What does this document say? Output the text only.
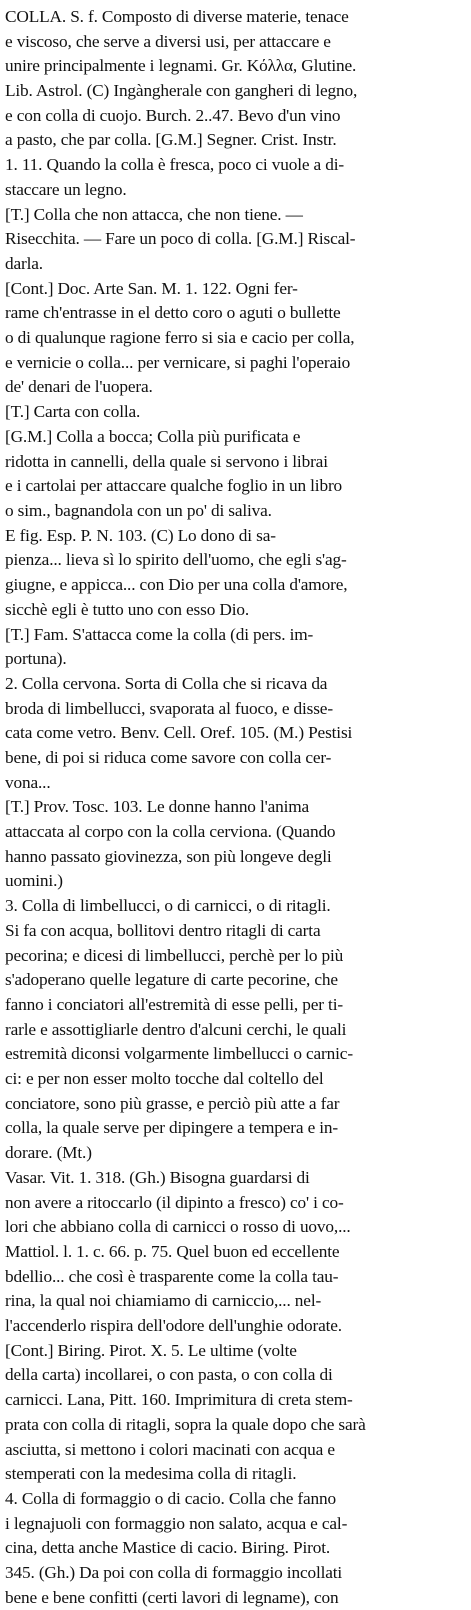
COLLA. S. f. Composto di diverse materie, tenace
e viscoso, che serve a diversi usi, per attaccare e
unire principalmente i legnami. Gr. Κόλλα, Glutine.
Lib. Astrol. (C) Ingàngherale con gangheri di legno,
e con colla di cuojo. Burch. 2..47. Bevo d'un vino
a pasto, che par colla. [G.M.] Segner. Crist. Instr.
1. 11. Quando la colla è fresca, poco ci vuole a di-
staccare un legno.
[T.] Colla che non attacca, che non tiene. —
Risecchita. — Fare un poco di colla. [G.M.] Riscal-
darla.
[Cont.] Doc. Arte San. M. 1. 122. Ogni fer-
rame ch'entrasse in el detto coro o aguti o bullette
o di qualunque ragione ferro si sia e cacio per colla,
e vernicie o colla... per vernicare, si paghi l'operaio
de' denari de l'uopera.
[T.] Carta con colla.
[G.M.] Colla a bocca; Colla più purificata e
ridotta in cannelli, della quale si servono i librai
e i cartolai per attaccare qualche foglio in un libro
o sim., bagnandola con un po' di saliva.
E fig. Esp. P. N. 103. (C) Lo dono di sa-
pienza... lieva sì lo spirito dell'uomo, che egli s'ag-
giugne, e appicca... con Dio per una colla d'amore,
sicchè egli è tutto uno con esso Dio.
[T.] Fam. S'attacca come la colla (di pers. im-
portuna).
2. Colla cervona. Sorta di Colla che si ricava da
broda di limbellucci, svaporata al fuoco, e disse-
cata come vetro. Benv. Cell. Oref. 105. (M.) Pestisi
bene, di poi si riduca come savore con colla cer-
vona...
[T.] Prov. Tosc. 103. Le donne hanno l'anima
attaccata al corpo con la colla cerviona. (Quando
hanno passato giovinezza, son più longeve degli
uomini.)
3. Colla di limbellucci, o di carnicci, o di ritagli.
Si fa con acqua, bollitovi dentro ritagli di carta
pecorina; e dicesi di limbellucci, perchè per lo più
s'adoperano quelle legature di carte pecorine, che
fanno i conciatori all'estremità di esse pelli, per ti-
rarle e assottigliarle dentro d'alcuni cerchi, le quali
estremità diconsi volgarmente limbellucci o carnic-
ci: e per non esser molto tocche dal coltello del
conciatore, sono più grasse, e perciò più atte a far
colla, la quale serve per dipingere a tempera e in-
dorare. (Mt.)
Vasar. Vit. 1. 318. (Gh.) Bisogna guardarsi di
non avere a ritoccarlo (il dipinto a fresco) co' i co-
lori che abbiano colla di carnicci o rosso di uovo,...
Mattiol. l. 1. c. 66. p. 75. Quel buon ed eccellente
bdellio... che così è trasparente come la colla tau-
rina, la qual noi chiamiamo di carniccio,... nel-
l'accenderlo rispira dell'odore dell'unghie odorate.
[Cont.] Biring. Pirot. X. 5. Le ultime (volte
della carta) incollarei, o con pasta, o con colla di
carnicci. Lana, Pitt. 160. Imprimitura di creta stem-
prata con colla di ritagli, sopra la quale dopo che sarà
asciutta, si mettono i colori macinati con acqua e
stemperati con la medesima colla di ritagli.
4. Colla di formaggio o di cacio. Colla che fanno
i legnajuoli con formaggio non salato, acqua e cal-
cina, detta anche Mastice di cacio. Biring. Pirot.
345. (Gh.) Da poi con colla di formaggio incollati
bene e bene confitti (certi lavori di legname), con
